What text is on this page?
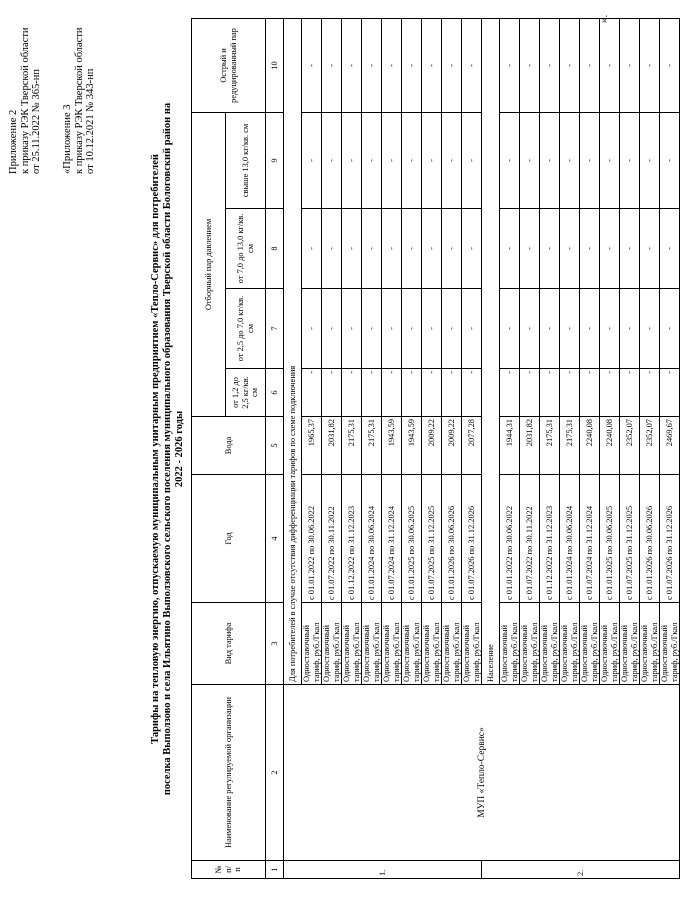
Приложение 2 к приказу РЭК Тверской области от 25.11.2022 № 365-нп «Приложение 3 к приказу РЭК Тверской области от 10.12.2021 № 343-нп
Тарифы на тепловую энергию, отпускаемую муниципальным унитарным предприятием «Тепло-Сервис» для потребителей поселка Выползово и села Ильятино Выползовского сельского поселения муниципального образования Тверской области Бологовский район на 2022 - 2026 годы
№ п/ п	Наименование регулируемой организации	Вид тарифа	Год	Вода	Отборный пар давлением				Острый и редуцированный пар
					от 1,2 до 2,5 кг/кв. см	от 2,5 до 7,0 кг/кв. см	от 7,0 до 13,0 кг/кв. см	свыше 13,0 кг/кв. см	
1	2	3	4	5	6	7	8	9	10
1.	МУП «Тепло-Сервис»	Для потребителей в случае отсутствия дифференциации тарифов по схеме подключения							
		Одноставочный тариф, руб./Гкал	с 01.01.2022 по 30.06.2022	1965,37	-	-	-	-	-
		Одноставочный тариф, руб./Гкал	с 01.07.2022 по 30.11.2022	2031,82	-	-	-	-	-
		Одноставочный тариф, руб./Гкал	с 01.12.2022 по 31.12.2023	2175,31	-	-	-	-	-
		Одноставочный тариф, руб./Гкал	с 01.01.2024 по 30.06.2024	2175,31	-	-	-	-	-
		Одноставочный тариф, руб./Гкал	с 01.07.2024 по 31.12.2024	1943,59	-	-	-	-	-
		Одноставочный тариф, руб./Гкал	с 01.01.2025 по 30.06.2025	1943,59	-	-	-	-	-
		Одноставочный тариф, руб./Гкал	с 01.07.2025 по 31.12.2025	2009,22	-	-	-	-	-
		Одноставочный тариф, руб./Гкал	с 01.01.2026 по 30.06.2026	2009,22	-	-	-	-	-
		Одноставочный тариф, руб./Гкал	с 01.07.2026 по 31.12.2026	2077,28	-	-	-	-	-
2.		Население							
		Одноставочный тариф, руб./Гкал	с 01.01.2022 по 30.06.2022	1944,31	-	-	-	-	-
		Одноставочный тариф, руб./Гкал	с 01.07.2022 по 30.11.2022	2031,82	-	-	-	-	-
		Одноставочный тариф, руб./Гкал	с 01.12.2022 по 31.12.2023	2175,31	-	-	-	-	-
		Одноставочный тариф, руб./Гкал	с 01.01.2024 по 30.06.2024	2175,31	-	-	-	-	-
		Одноставочный тариф, руб./Гкал	с 01.07.2024 по 31.12.2024	2240,08	-	-	-	-	-
		Одноставочный тариф, руб./Гкал	с 01.01.2025 по 30.06.2025	2240,08	-	-	-	-	-
		Одноставочный тариф, руб./Гкал	с 01.07.2025 по 31.12.2025	2352,07	-	-	-	-	-
		Одноставочный тариф, руб./Гкал	с 01.01.2026 по 30.06.2026	2352,07	-	-	-	-	-
		Одноставочный тариф, руб./Гкал	с 01.07.2026 по 31.12.2026	2469,67	-	-	-	-	-
».
